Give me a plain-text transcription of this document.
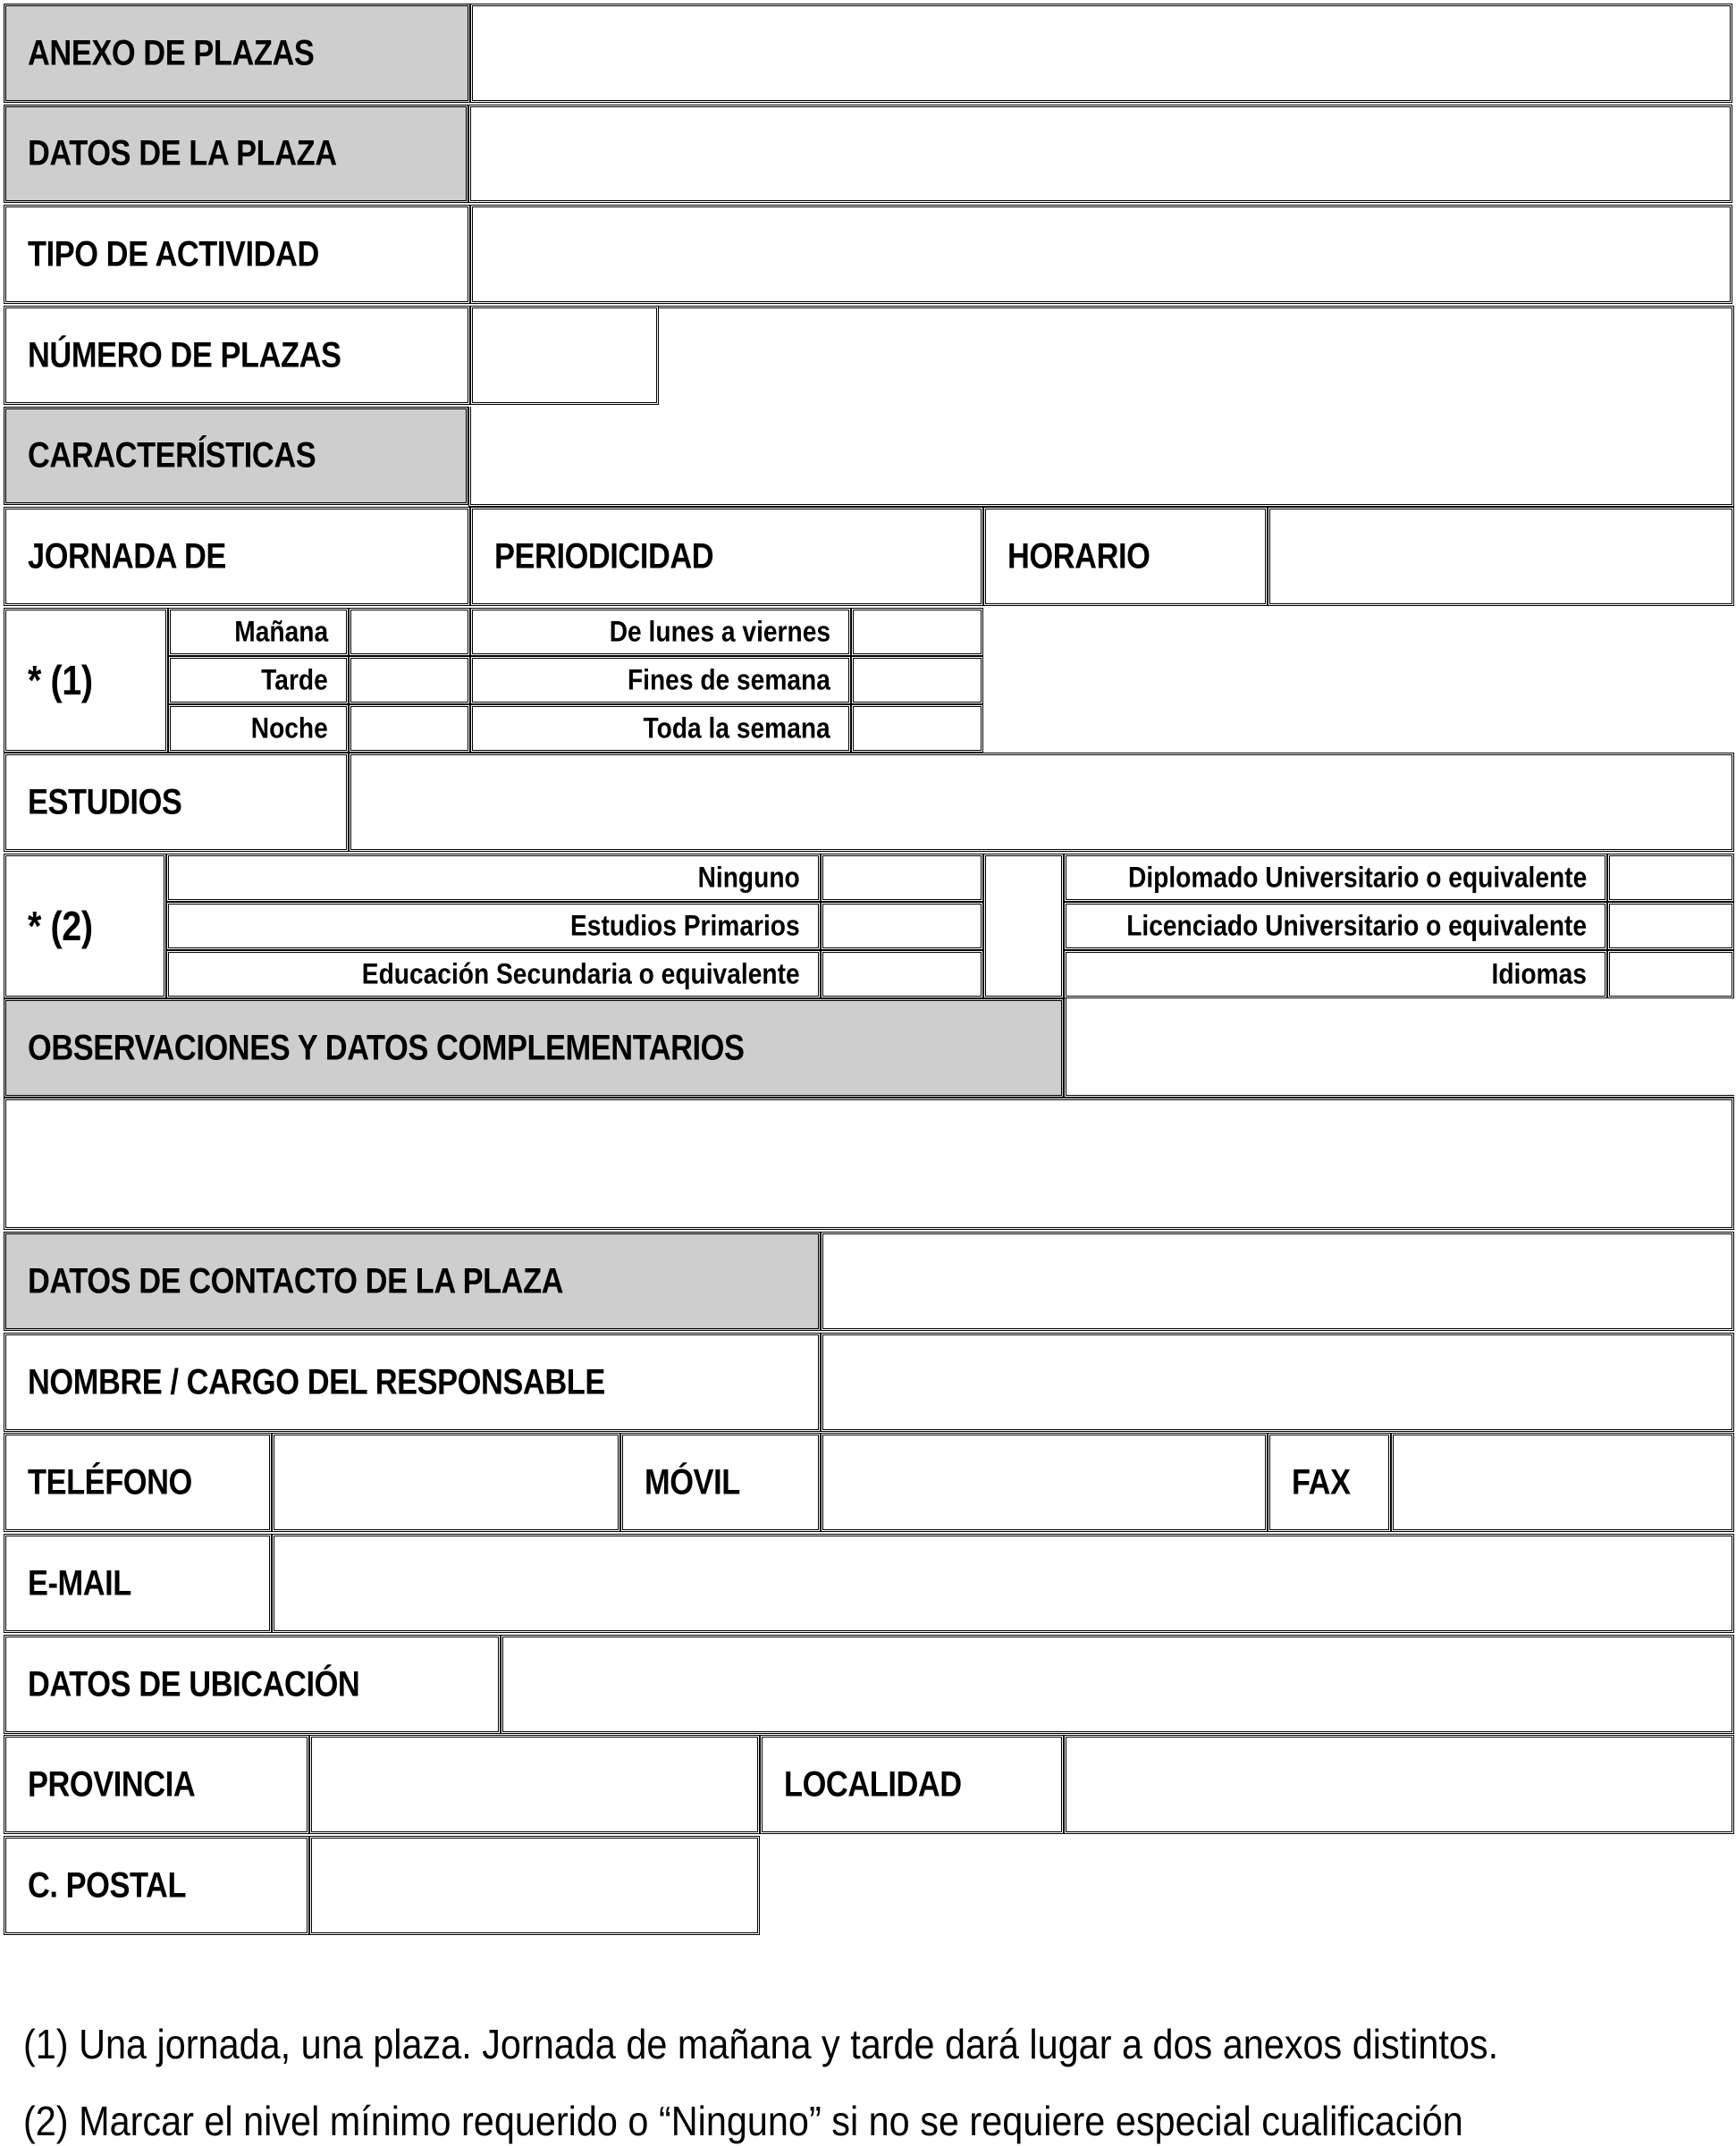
ANEXO DE PLAZAS
DATOS DE LA PLAZA
TIPO DE ACTIVIDAD
NÚMERO DE PLAZAS
CARACTERÍSTICAS
JORNADA DE	PERIODICIDAD	HORARIO
* (1)
Mañana	De lunes a viernes
Tarde	Fines de semana
Noche	Toda la semana
ESTUDIOS
* (2)
Ninguno	Diplomado Universitario o equivalente
Estudios Primarios	Licenciado Universitario o equivalente
Educación Secundaria o equivalente	Idiomas
OBSERVACIONES Y DATOS COMPLEMENTARIOS
DATOS DE CONTACTO DE LA PLAZA
NOMBRE / CARGO DEL RESPONSABLE
TELÉFONO	MÓVIL	FAX
E-MAIL
DATOS DE UBICACIÓN
PROVINCIA	LOCALIDAD
C. POSTAL
(1) Una jornada, una plaza. Jornada de mañana y tarde dará lugar a dos anexos distintos.
(2) Marcar el nivel mínimo requerido o “Ninguno” si no se requiere especial cualificación
